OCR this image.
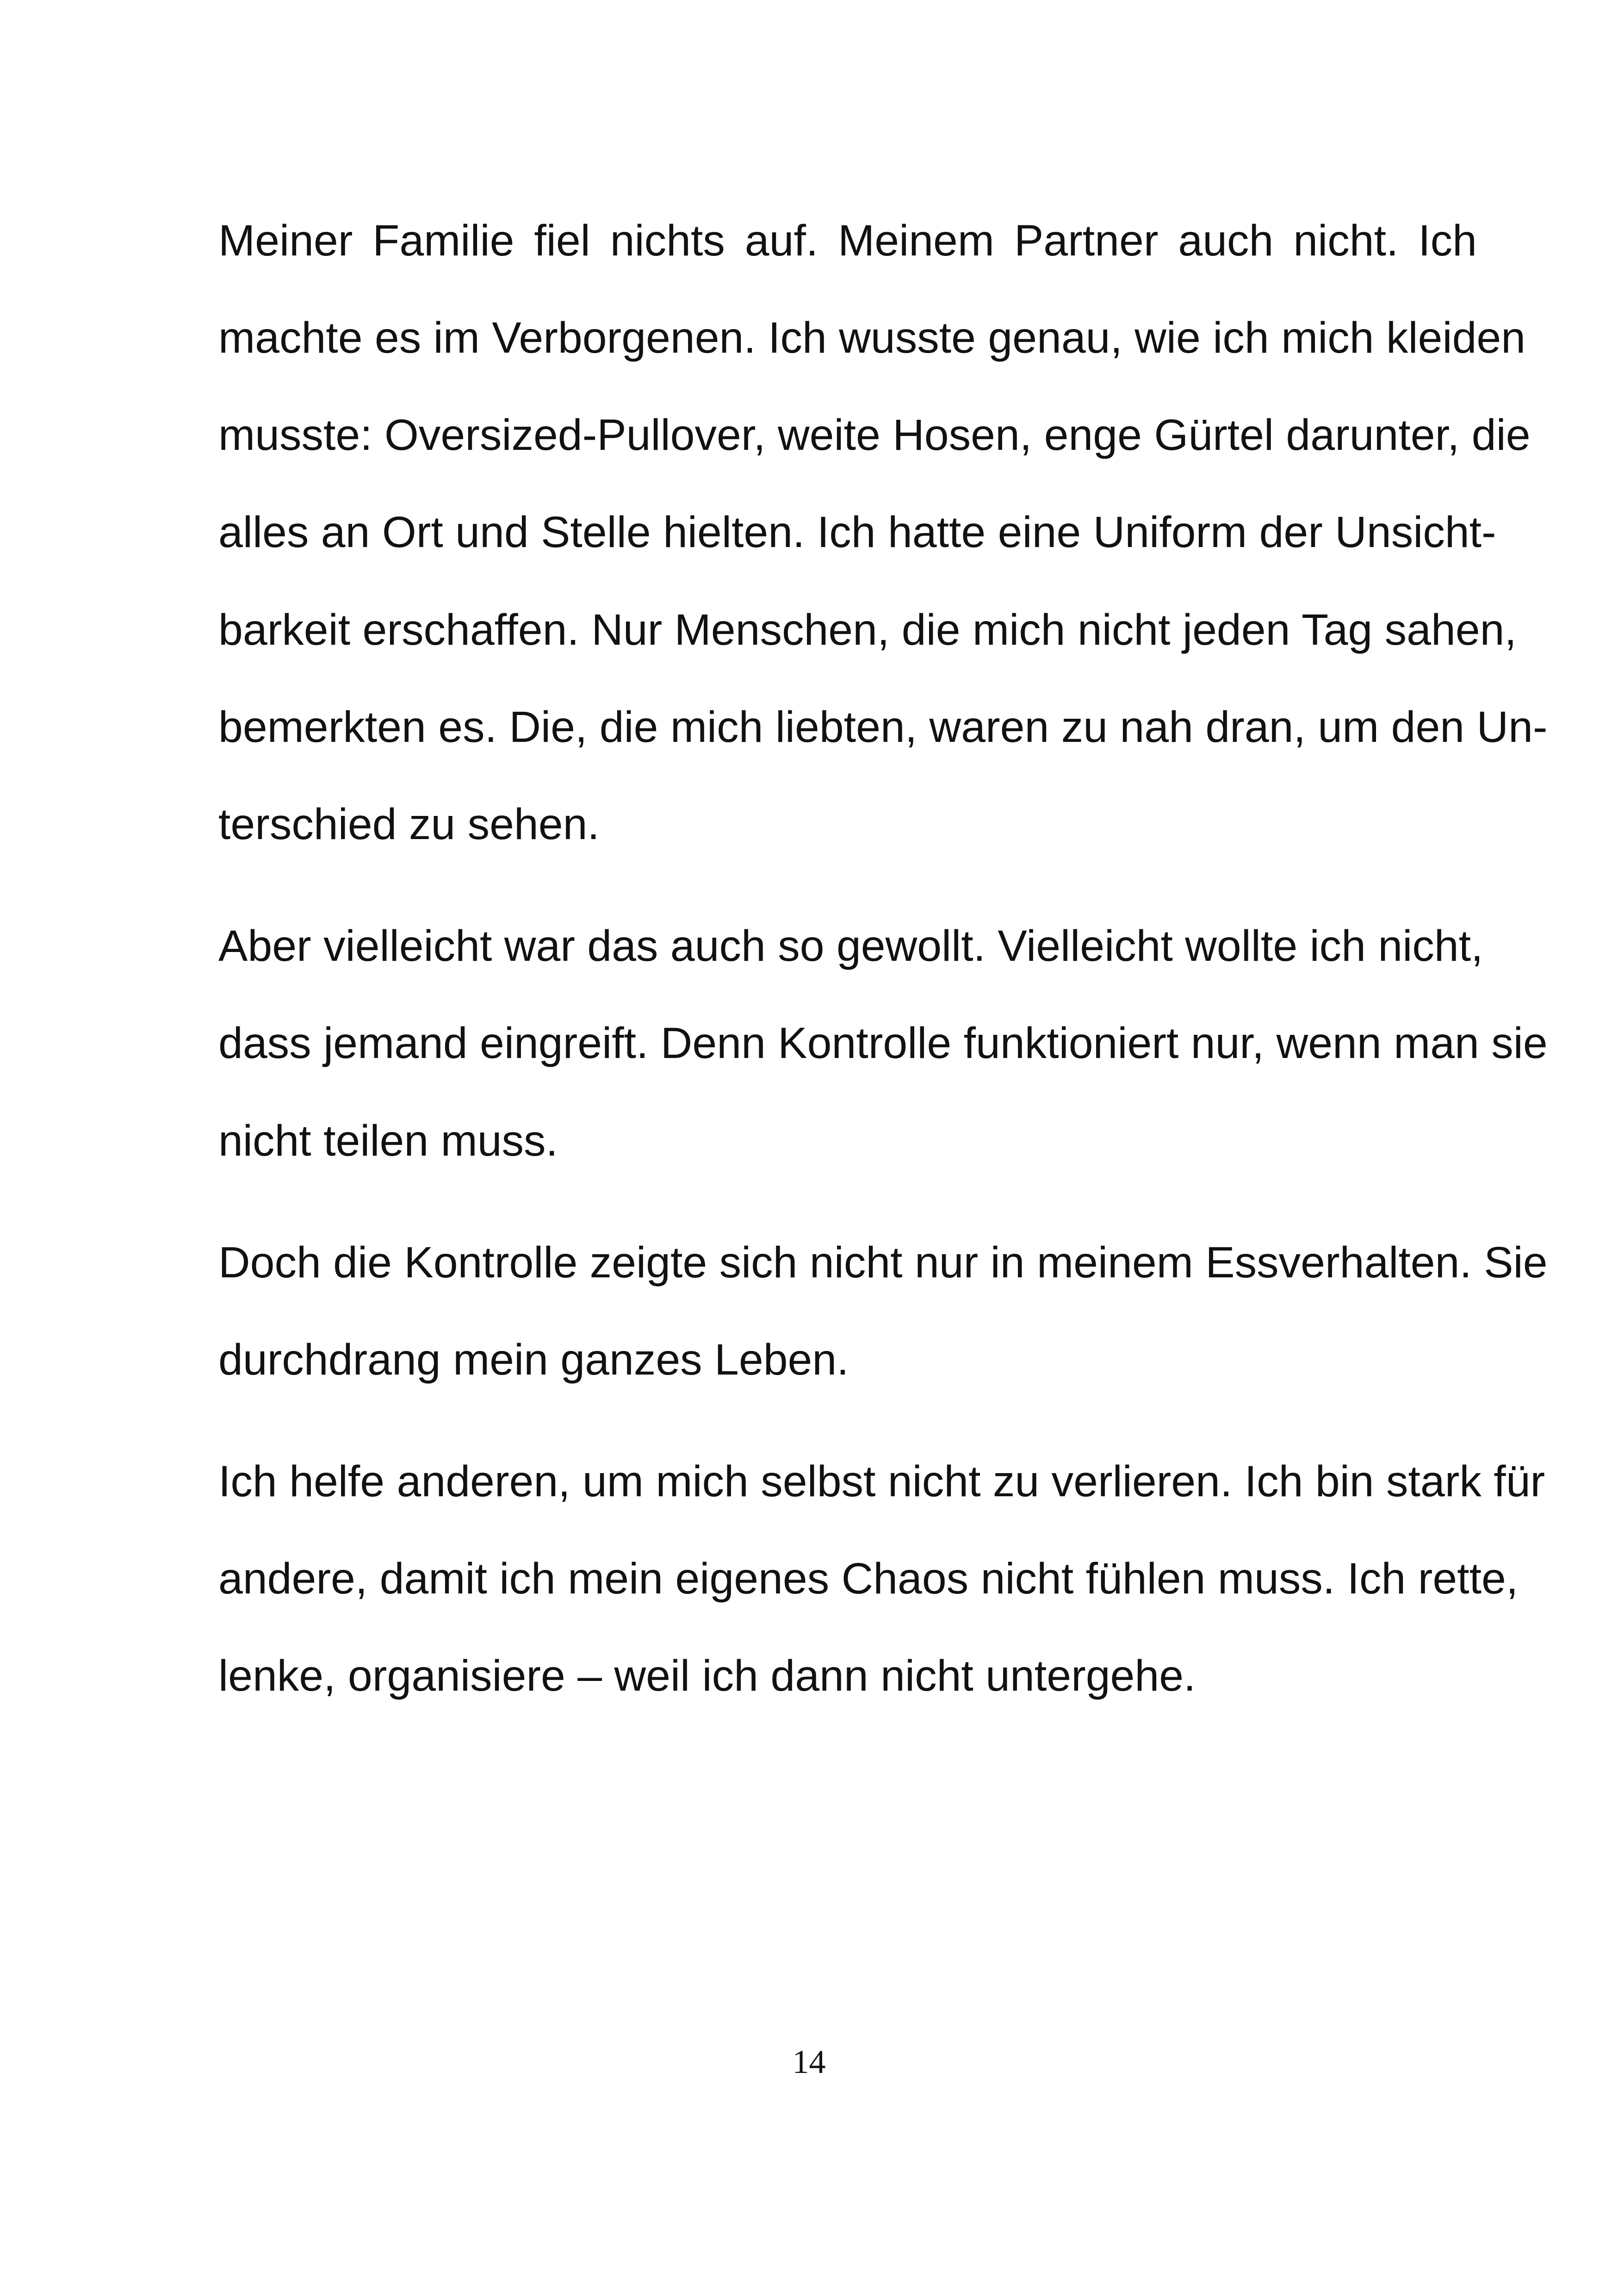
Meiner Familie fiel nichts auf. Meinem Partner auch nicht. Ich
machte es im Verborgenen. Ich wusste genau, wie ich mich kleiden
musste: Oversized-Pullover, weite Hosen, enge Gürtel darunter, die
alles an Ort und Stelle hielten. Ich hatte eine Uniform der Unsicht-
barkeit erschaffen. Nur Menschen, die mich nicht jeden Tag sahen,
bemerkten es. Die, die mich liebten, waren zu nah dran, um den Un-
terschied zu sehen.
Aber vielleicht war das auch so gewollt. Vielleicht wollte ich nicht,
dass jemand eingreift. Denn Kontrolle funktioniert nur, wenn man sie
nicht teilen muss.
Doch die Kontrolle zeigte sich nicht nur in meinem Essverhalten. Sie
durchdrang mein ganzes Leben.
Ich helfe anderen, um mich selbst nicht zu verlieren. Ich bin stark für
andere, damit ich mein eigenes Chaos nicht fühlen muss. Ich rette,
lenke, organisiere – weil ich dann nicht untergehe.
14
